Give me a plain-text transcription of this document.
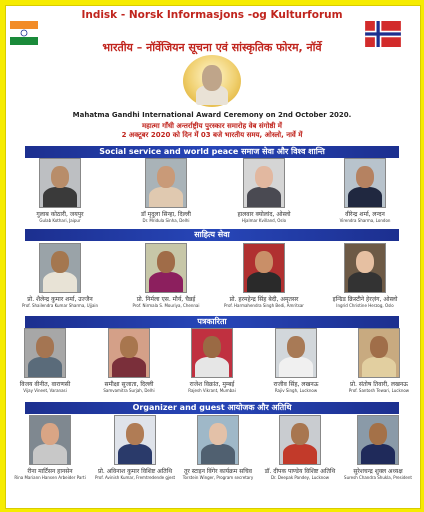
Indisk - Norsk Informasjons -og Kulturforum
भारतीय – नॉर्वेजियन सूचना एवं सांस्कृतिक फोरम, नॉर्वे
Mahatma Gandhi International Award Ceremony on 2nd October 2020.
महात्मा गाँधी अन्तर्राष्ट्रीय पुरस्कार समारोह वेब संगोष्ठी में
2 अक्टूबर 2020 को दिन में 03 बजे भारतीय समय, ओस्लो, नार्वे में
Social service and world peace समाज सेवा और विश्व शान्ति
साहित्य सेवा
पत्रकारिता
Organizer and guest आयोजक और अतिथि
गुलाब कोठारी, जयपुर
Gulab Kothari, Jaipur
डॉ मृदुला सिन्हा, दिल्ली
Dr. Mridula Sinha, Delhi
हालवार क्योलांद, ओस्लो
Hjalmar Kvilland, Oslo
वीरेन्द्र शर्मा, लन्दन
Virendra Sharma, London
प्रो. शैलेन्द्र कुमार शर्मा, उज्जैन
Prof. Shailendra Kumar Sharma, Ujjain
प्रो. निर्मला एस. मौर्य, चैन्नई
Prof. Nirmala S. Mouriya, Chennai
प्रो. हरमहेन्द्र सिंह बेदी, अमृतसर
Prof. Harmahendra Singh Bedi, Amritsar
इन्ग्रिड क्रिस्टीने हेरज़ंग, ओस्लो
Ingrid Christine Herzog, Oslo
विजय वीनीत, वाराणसी
Vijay Vineet, Varanasi
समीक्षा सुजाता, दिल्ली
Samvamitra Surjah, Delhi
राजेश विक्रांत, मुम्बई
Rajesh Vikrant, Mumbai
राजीव सिंह, लखनऊ
Rajiv Singh, Lucknow
प्रो. संतोष तिवारी, लखनऊ
Prof. Santosh Tewari, Lucknow
रीना मार्टिंसन हानसेन
Rina Mariann Hansen Arbeider Parti
प्रो. अविनाश कुमार विशिष्ट अतिथि
Prof. Avinish Kumar, Fremtredende gjest
तूर स्टाइन विंगेर कार्यक्रम सचिव
Torstein Winger, Program secretary
डॉ. दीपक पाण्डेय विशिष्ट अतिथि
Dr. Deepak Pandey, Lucknow
सुरेशचन्द्र शुक्ल अध्यक्ष
Suresh Chandra Shukla, President
